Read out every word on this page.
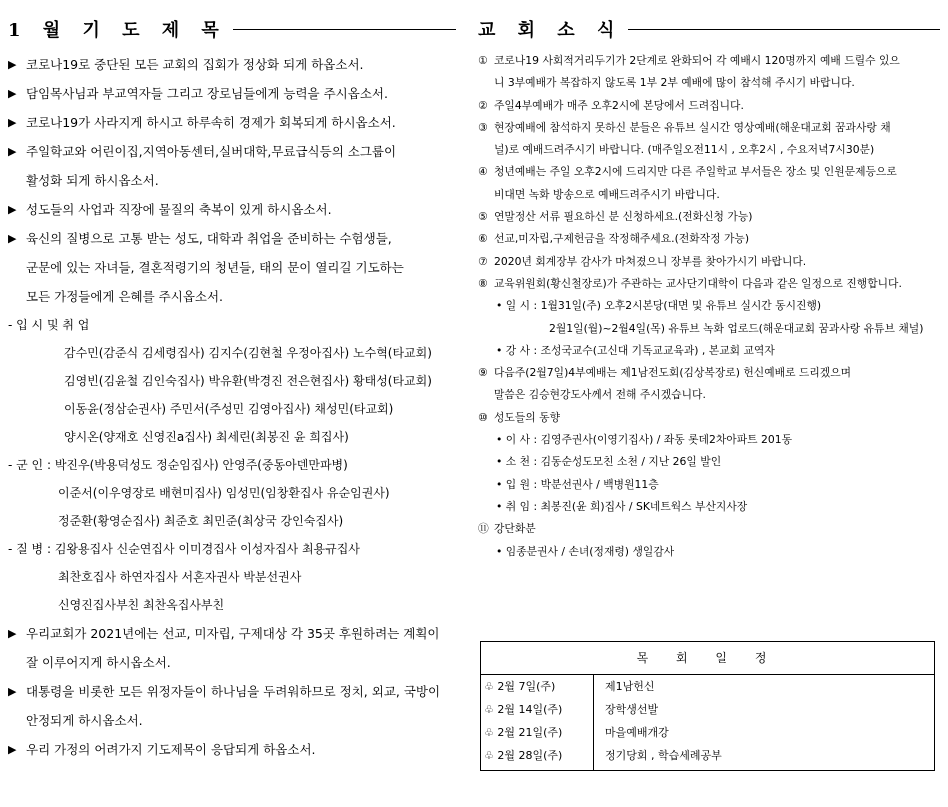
1 월 기 도 제 목
▶ 코로나19로 중단된 모든 교회의 집회가 정상화 되게 하옵소서.
▶ 담임목사님과 부교역자들 그리고 장로님들에게 능력을 주시옵소서.
▶ 코로나19가 사라지게 하시고 하루속히 경제가 회복되게 하시옵소서.
▶ 주일학교와 어린이집,지역아동센터,실버대학,무료급식등의 소그룹이
활성화 되게 하시옵소서.
▶ 성도들의 사업과 직장에 물질의 축복이 있게 하시옵소서.
▶ 육신의 질병으로 고통 받는 성도, 대학과 취업을 준비하는 수험생들,
군문에 있는 자녀들, 결혼적령기의 청년들, 태의 문이 열리길 기도하는
모든 가정들에게 은혜를 주시옵소서.
- 입 시 및 취 업
감수민(감준식 김세령집사) 김지수(김현철 우정아집사) 노수혁(타교회)
김영빈(김윤철 김인숙집사) 박유환(박경진 전은현집사) 황태성(타교회)
이동윤(정삼순권사) 주민서(주성민 김영아집사) 채성민(타교회)
양시온(양재호 신영진a집사) 최세린(최봉진 윤 희집사)
- 군 인 : 박진우(박용덕성도 정순임집사) 안영주(중동아덴만파병)
이준서(이우영장로 배현미집사) 임성민(임창환집사 유순임권사)
정준환(황영순집사) 최준호 최민준(최상국 강인숙집사)
- 질 병 : 김왕용집사 신순연집사 이미경집사 이성자집사 최용규집사
최찬호집사 하연자집사 서혼자권사 박분선권사
신영진집사부친 최찬옥집사부친
▶ 우리교회가 2021년에는 선교, 미자립, 구제대상 각 35곳 후원하려는 계획이
잘 이루어지게 하시옵소서.
▶ 대통령을 비롯한 모든 위정자들이 하나님을 두려워하므로 정치, 외교, 국방이
안정되게 하시옵소서.
▶ 우리 가정의 어려가지 기도제목이 응답되게 하옵소서.
교 회 소 식
① 코로나19 사회적거리두기가 2단계로 완화되어 각 예배시 120명까지 예배 드릴수 있으
니 3부예배가 복잡하지 않도록 1부 2부 예배에 많이 참석해 주시기 바랍니다.
② 주일4부예배가 매주 오후2시에 본당에서 드려집니다.
③ 현장예배에 참석하지 못하신 분들은 유튜브 실시간 영상예배(해운대교회 꿈과사랑 채
널)로 예배드려주시기 바랍니다. (매주일오전11시 , 오후2시 , 수요저녁7시30분)
④ 청년예배는 주일 오후2시에 드리지만 다른 주일학교 부서들은 장소 및 인원문제등으로
비대면 녹화 방송으로 예배드려주시기 바랍니다.
⑤ 연말정산 서류 필요하신 분 신청하세요.(전화신청 가능)
⑥ 선교,미자립,구제헌금을 작정해주세요.(전화작정 가능)
⑦ 2020년 회계장부 감사가 마쳐졌으니 장부를 찾아가시기 바랍니다.
⑧ 교육위원회(황신철장로)가 주관하는 교사단기대학이 다음과 같은 일정으로 진행합니다.
• 일 시 : 1월31일(주) 오후2시본당(대면 및 유튜브 실시간 동시진행)
2월1일(월)~2월4일(목) 유튜브 녹화 업로드(해운대교회 꿈과사랑 유튜브 채널)
• 강 사 : 조성국교수(고신대 기독교교육과) , 본교회 교역자
⑨ 다음주(2월7일)4부예배는 제1남전도회(김상복장로) 헌신예배로 드리겠으며
말씀은 김승현강도사께서 전해 주시겠습니다.
⑩ 성도들의 동향
• 이 사 : 김영주권사(이영기집사) / 좌동 롯데2차아파트 201동
• 소 천 : 김동순성도모친 소천 / 지난 26일 발인
• 입 원 : 박분선권사 / 백병원11층
• 취 임 : 최봉진(윤 희)집사 / SK네트웍스 부산지사장
⑪ 강단화분
• 임종분권사 / 손녀(정재령) 생일감사
목 회 일 정
♧ 2월 7일(주)	제1남헌신
♧ 2월 14일(주)	장학생선발
♧ 2월 21일(주)	마을예배개강
♧ 2월 28일(주)	정기당회 , 학습세례공부
